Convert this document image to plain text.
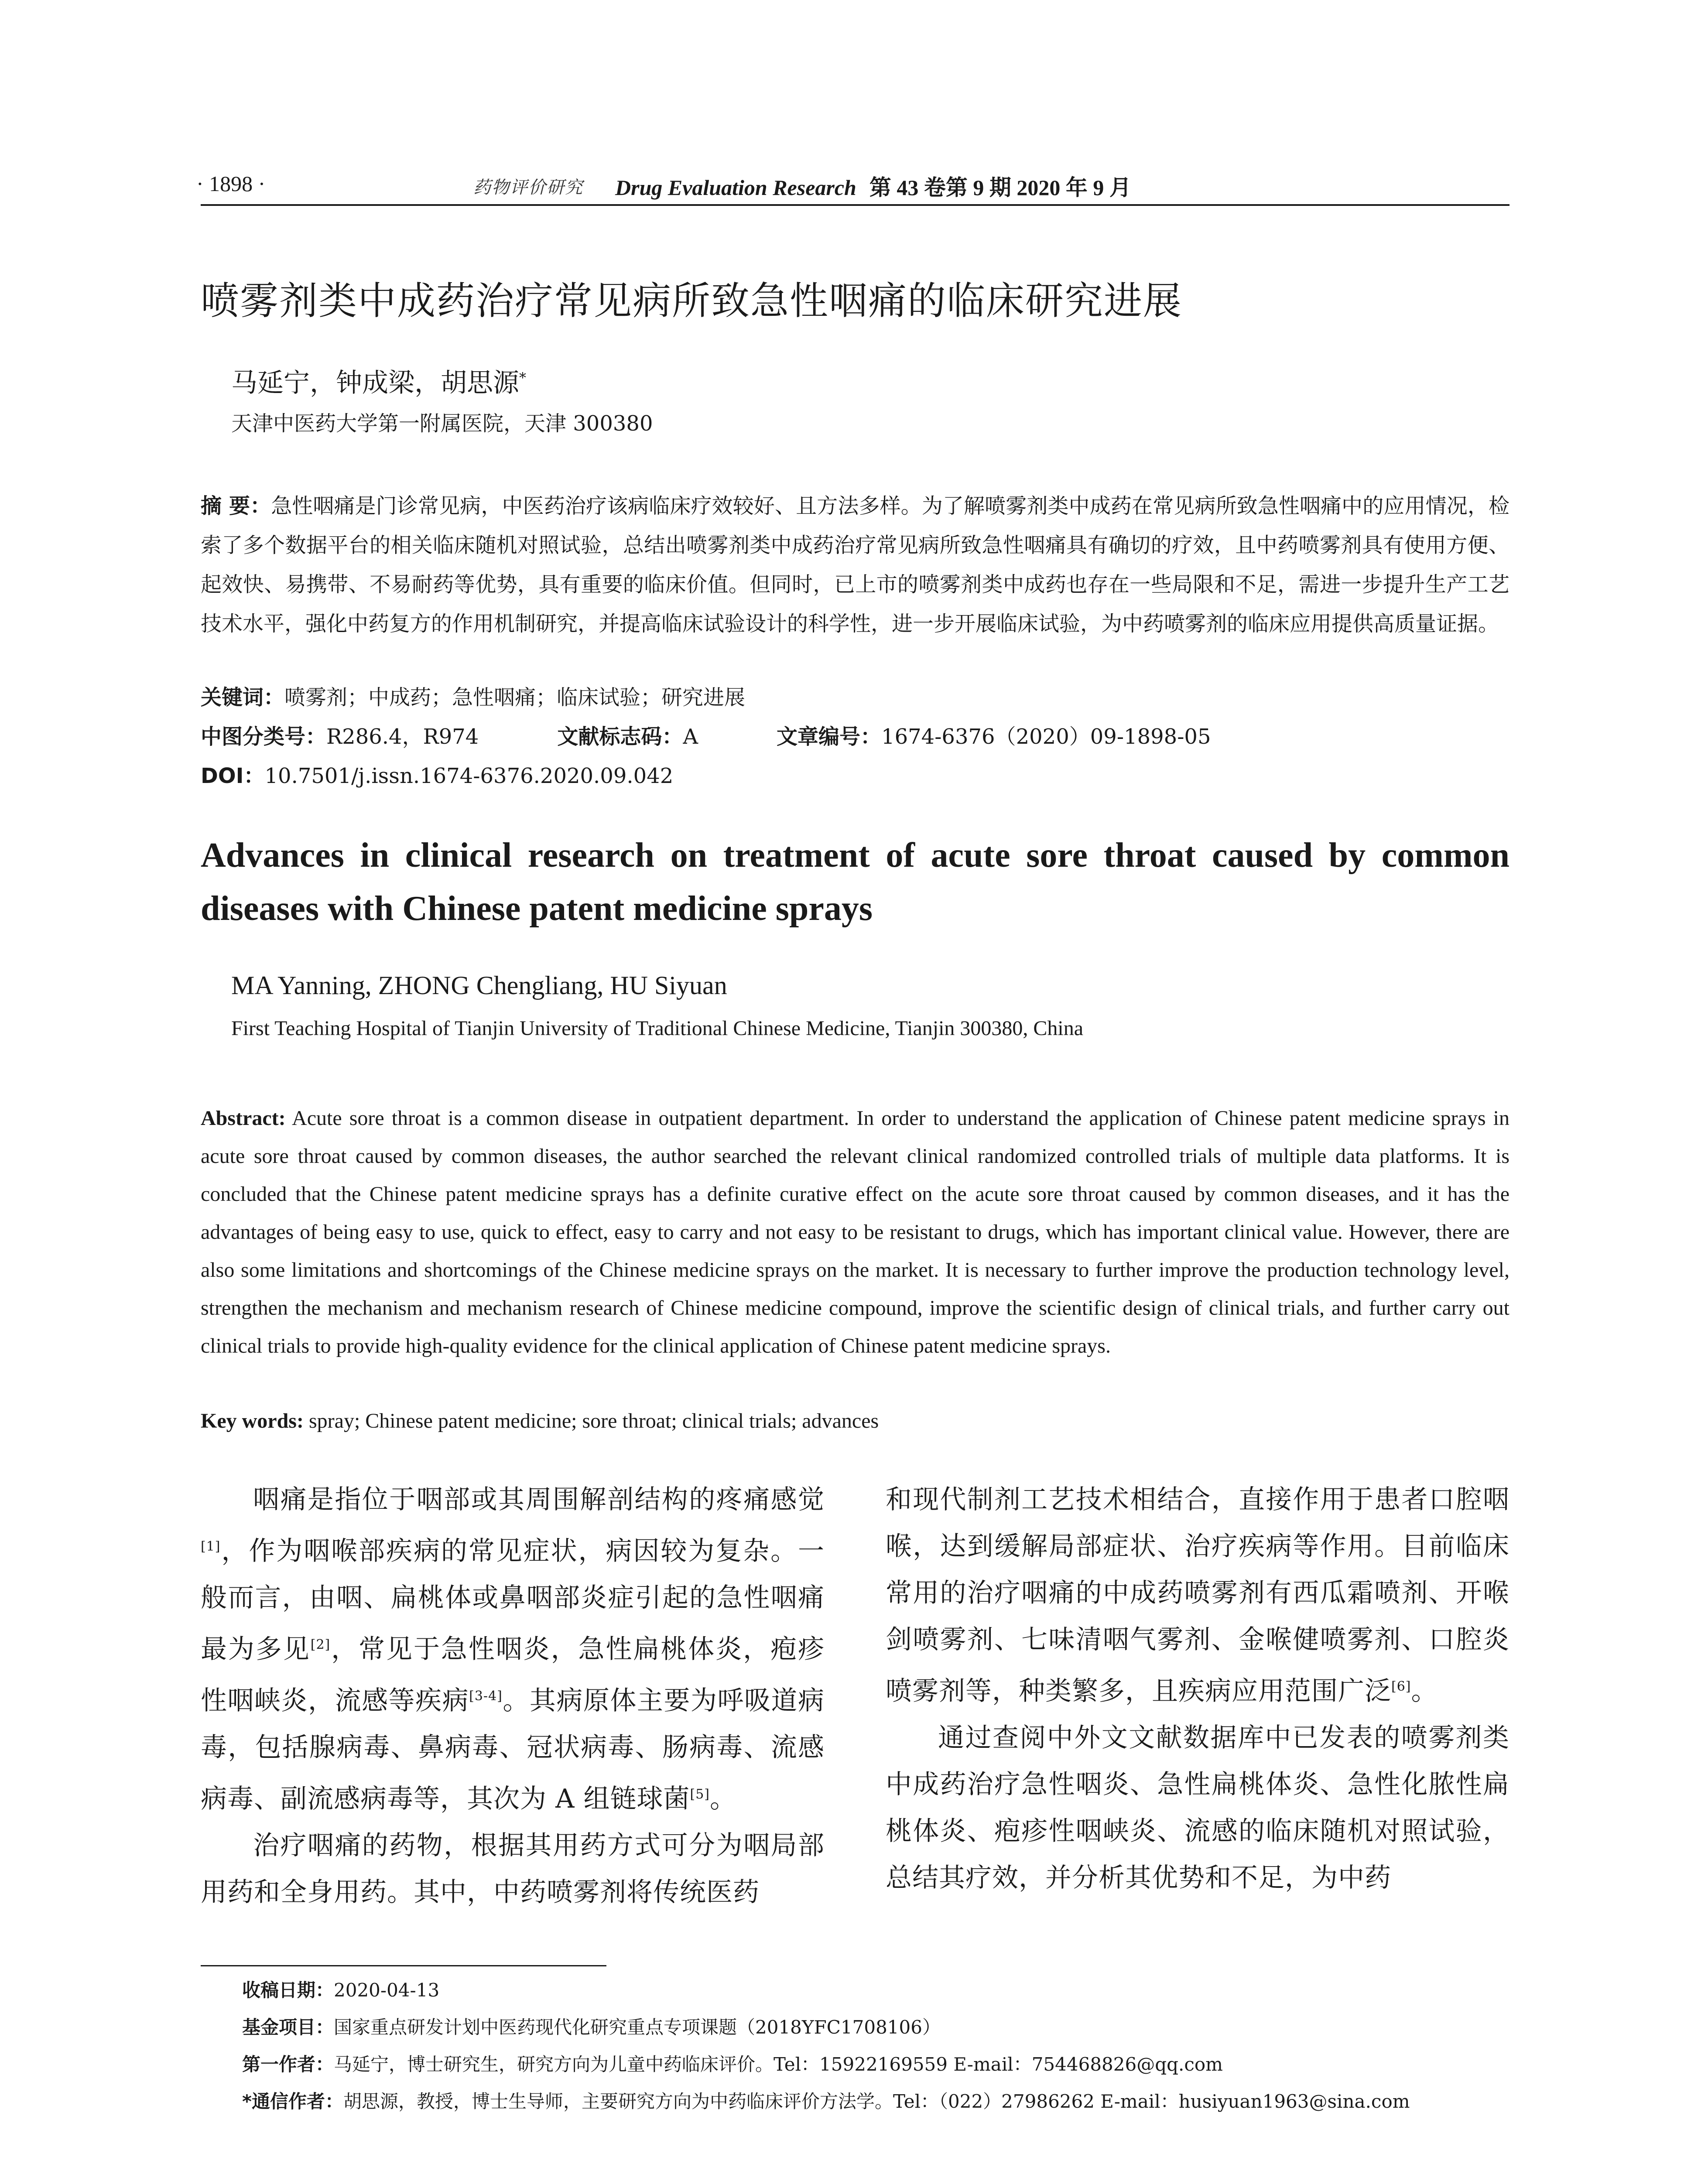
· 1898 ·	药物评价研究 Drug Evaluation Research 第 43 卷第 9 期 2020 年 9 月
喷雾剂类中成药治疗常见病所致急性咽痛的临床研究进展
马延宁，钟成梁，胡思源*
天津中医药大学第一附属医院，天津 300380
摘 要：急性咽痛是门诊常见病，中医药治疗该病临床疗效较好、且方法多样。为了解喷雾剂类中成药在常见病所致急性咽痛中的应用情况，检索了多个数据平台的相关临床随机对照试验，总结出喷雾剂类中成药治疗常见病所致急性咽痛具有确切的疗效，且中药喷雾剂具有使用方便、起效快、易携带、不易耐药等优势，具有重要的临床价值。但同时，已上市的喷雾剂类中成药也存在一些局限和不足，需进一步提升生产工艺技术水平，强化中药复方的作用机制研究，并提高临床试验设计的科学性，进一步开展临床试验，为中药喷雾剂的临床应用提供高质量证据。
关键词：喷雾剂；中成药；急性咽痛；临床试验；研究进展
中图分类号：R286.4，R974	文献标志码：A	文章编号：1674-6376（2020）09-1898-05
DOI：10.7501/j.issn.1674-6376.2020.09.042
Advances in clinical research on treatment of acute sore throat caused by common diseases with Chinese patent medicine sprays
MA Yanning, ZHONG Chengliang, HU Siyuan
First Teaching Hospital of Tianjin University of Traditional Chinese Medicine, Tianjin 300380, China
Abstract: Acute sore throat is a common disease in outpatient department. In order to understand the application of Chinese patent medicine sprays in acute sore throat caused by common diseases, the author searched the relevant clinical randomized controlled trials of multiple data platforms. It is concluded that the Chinese patent medicine sprays has a definite curative effect on the acute sore throat caused by common diseases, and it has the advantages of being easy to use, quick to effect, easy to carry and not easy to be resistant to drugs, which has important clinical value. However, there are also some limitations and shortcomings of the Chinese medicine sprays on the market. It is necessary to further improve the production technology level, strengthen the mechanism and mechanism research of Chinese medicine compound, improve the scientific design of clinical trials, and further carry out clinical trials to provide high-quality evidence for the clinical application of Chinese patent medicine sprays.
Key words: spray; Chinese patent medicine; sore throat; clinical trials; advances

咽痛是指位于咽部或其周围解剖结构的疼痛感觉[1]，作为咽喉部疾病的常见症状，病因较为复杂。一般而言，由咽、扁桃体或鼻咽部炎症引起的急性咽痛最为多见[2]，常见于急性咽炎，急性扁桃体炎，疱疹性咽峡炎，流感等疾病[3-4]。其病原体主要为呼吸道病毒，包括腺病毒、鼻病毒、冠状病毒、肠病毒、流感病毒、副流感病毒等，其次为 A 组链球菌[5]。

治疗咽痛的药物，根据其用药方式可分为咽局部用药和全身用药。其中，中药喷雾剂将传统医药

和现代制剂工艺技术相结合，直接作用于患者口腔咽喉，达到缓解局部症状、治疗疾病等作用。目前临床常用的治疗咽痛的中成药喷雾剂有西瓜霜喷剂、开喉剑喷雾剂、七味清咽气雾剂、金喉健喷雾剂、口腔炎喷雾剂等，种类繁多，且疾病应用范围广泛[6]。

通过查阅中外文文献数据库中已发表的喷雾剂类中成药治疗急性咽炎、急性扁桃体炎、急性化脓性扁桃体炎、疱疹性咽峡炎、流感的临床随机对照试验，总结其疗效，并分析其优势和不足，为中药

收稿日期：2020-04-13
基金项目：国家重点研发计划中医药现代化研究重点专项课题（2018YFC1708106）
第一作者：马延宁，博士研究生，研究方向为儿童中药临床评价。Tel：15922169559 E-mail：754468826@qq.com
*通信作者：胡思源，教授，博士生导师，主要研究方向为中药临床评价方法学。Tel：（022）27986262 E-mail：husiyuan1963@sina.com
